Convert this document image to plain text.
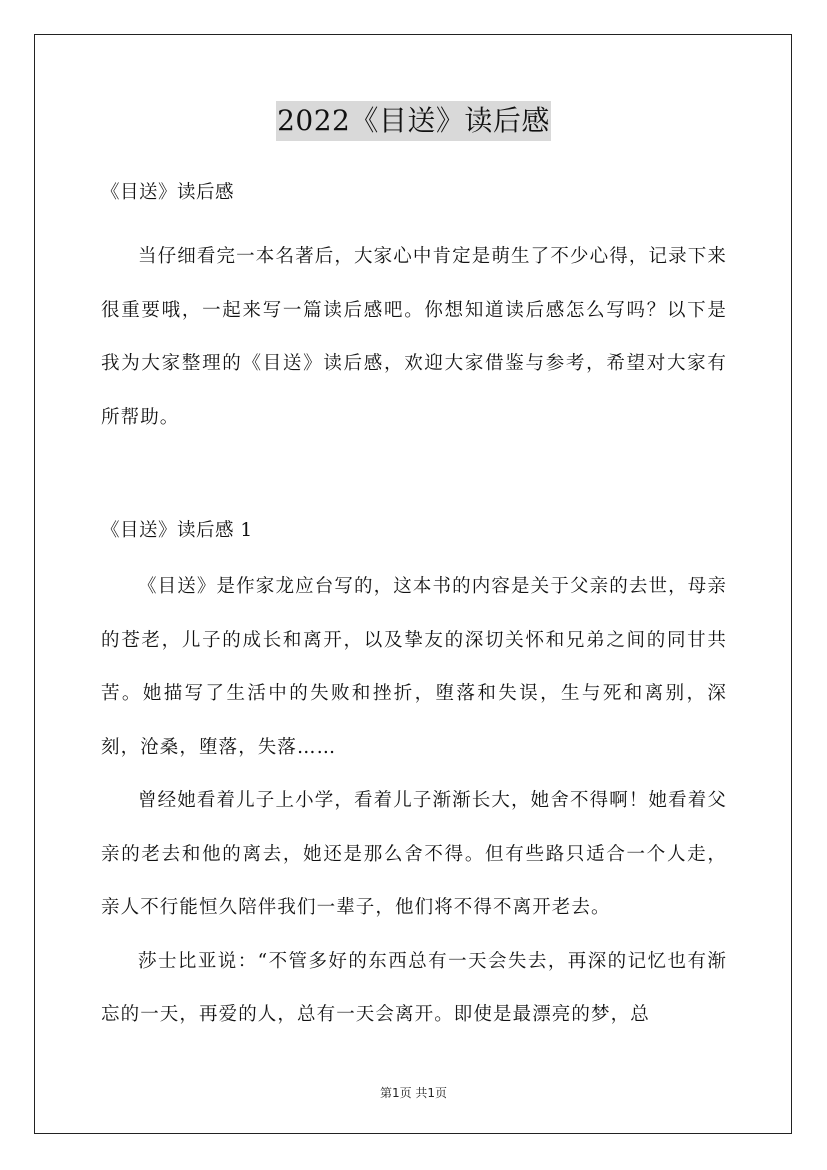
2022《目送》读后感

《目送》读后感

当仔细看完一本名著后，大家心中肯定是萌生了不少心得，记录下来很重要哦，一起来写一篇读后感吧。你想知道读后感怎么写吗？以下是我为大家整理的《目送》读后感，欢迎大家借鉴与参考，希望对大家有所帮助。

《目送》读后感 1

《目送》是作家龙应台写的，这本书的内容是关于父亲的去世，母亲的苍老，儿子的成长和离开，以及挚友的深切关怀和兄弟之间的同甘共苦。她描写了生活中的失败和挫折，堕落和失误，生与死和离别，深刻，沧桑，堕落，失落……

曾经她看着儿子上小学，看着儿子渐渐长大，她舍不得啊！她看着父亲的老去和他的离去，她还是那么舍不得。但有些路只适合一个人走，亲人不行能恒久陪伴我们一辈子，他们将不得不离开老去。

莎士比亚说：“不管多好的东西总有一天会失去，再深的记忆也有渐忘的一天，再爱的人，总有一天会离开。即使是最漂亮的梦，总

第1页 共1页
